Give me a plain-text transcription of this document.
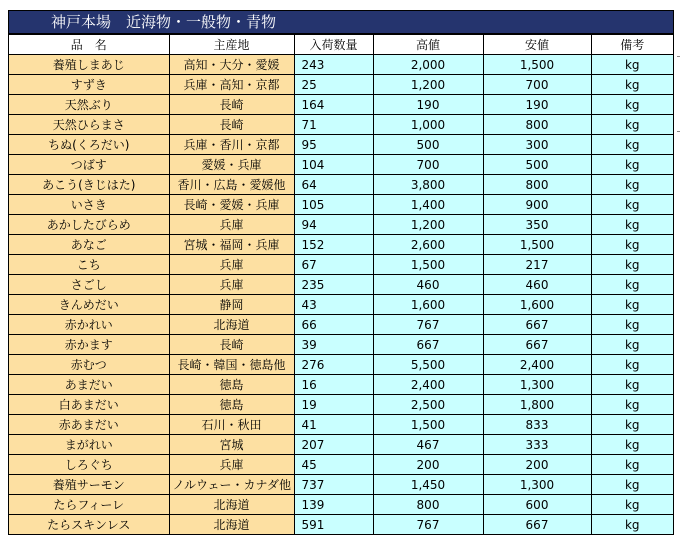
神戸本場　近海物・一般物・青物
品　名	主産地	入荷数量	高値	安値	備考
養殖しまあじ	高知・大分・愛媛	243	2,000	1,500	kg
すずき	兵庫・高知・京都	25	1,200	700	kg
天然ぶり	長崎	164	190	190	kg
天然ひらまさ	長崎	71	1,000	800	kg
ちぬ(くろだい)	兵庫・香川・京都	95	500	300	kg
つばす	愛媛・兵庫	104	700	500	kg
あこう(きじはた)	香川・広島・愛媛他	64	3,800	800	kg
いさき	長崎・愛媛・兵庫	105	1,400	900	kg
あかしたびらめ	兵庫	94	1,200	350	kg
あなご	宮城・福岡・兵庫	152	2,600	1,500	kg
こち	兵庫	67	1,500	217	kg
さごし	兵庫	235	460	460	kg
きんめだい	静岡	43	1,600	1,600	kg
赤かれい	北海道	66	767	667	kg
赤かます	長崎	39	667	667	kg
赤むつ	長崎・韓国・徳島他	276	5,500	2,400	kg
あまだい	徳島	16	2,400	1,300	kg
白あまだい	徳島	19	2,500	1,800	kg
赤あまだい	石川・秋田	41	1,500	833	kg
まがれい	宮城	207	467	333	kg
しろぐち	兵庫	45	200	200	kg
養殖サーモン	ノルウェー・カナダ他	737	1,450	1,300	kg
たらフィーレ	北海道	139	800	600	kg
たらスキンレス	北海道	591	767	667	kg
